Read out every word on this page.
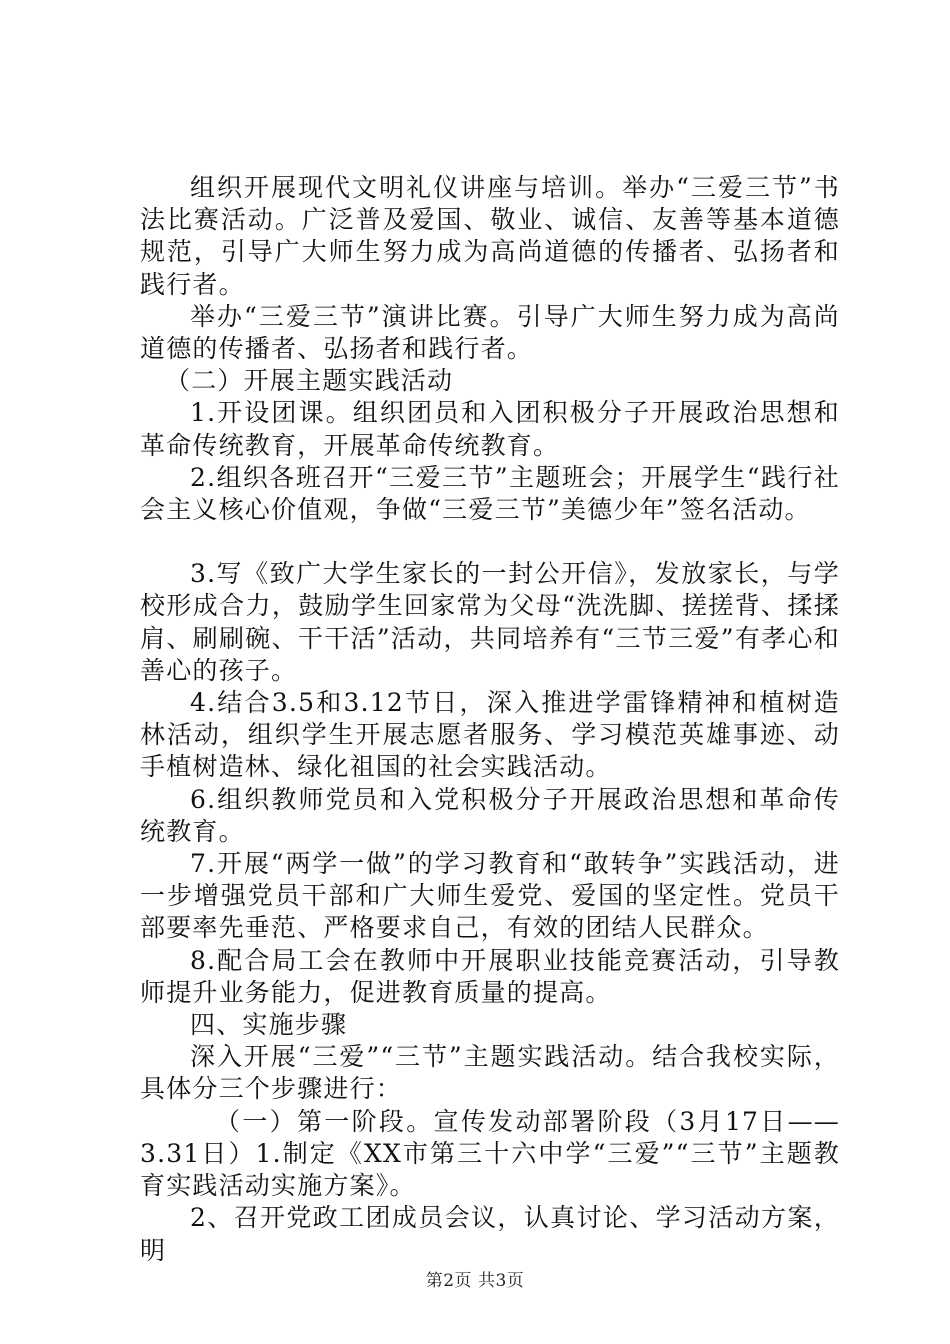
组织开展现代文明礼仪讲座与培训。举办“三爱三节”书法比赛活动。广泛普及爱国、敬业、诚信、友善等基本道德规范，引导广大师生努力成为高尚道德的传播者、弘扬者和践行者。

举办“三爱三节”演讲比赛。引导广大师生努力成为高尚道德的传播者、弘扬者和践行者。

（二）开展主题实践活动

1.开设团课。组织团员和入团积极分子开展政治思想和革命传统教育，开展革命传统教育。

2.组织各班召开“三爱三节”主题班会；开展学生“践行社会主义核心价值观，争做“三爱三节”美德少年”签名活动。

3.写《致广大学生家长的一封公开信》，发放家长，与学校形成合力，鼓励学生回家常为父母“洗洗脚、搓搓背、揉揉肩、刷刷碗、干干活”活动，共同培养有“三节三爱”有孝心和善心的孩子。

4.结合3.5和3.12节日，深入推进学雷锋精神和植树造林活动，组织学生开展志愿者服务、学习模范英雄事迹、动手植树造林、绿化祖国的社会实践活动。

6.组织教师党员和入党积极分子开展政治思想和革命传统教育。

7.开展“两学一做”的学习教育和“敢转争”实践活动，进一步增强党员干部和广大师生爱党、爱国的坚定性。党员干部要率先垂范、严格要求自己，有效的团结人民群众。

8.配合局工会在教师中开展职业技能竞赛活动，引导教师提升业务能力，促进教育质量的提高。

四、实施步骤

深入开展“三爱”“三节”主题实践活动。结合我校实际，具体分三个步骤进行：

（一）第一阶段。宣传发动部署阶段（3月17日——3.31日）1.制定《XX市第三十六中学“三爱”“三节”主题教育实践活动实施方案》。

2、召开党政工团成员会议，认真讨论、学习活动方案，明

第2页 共3页
